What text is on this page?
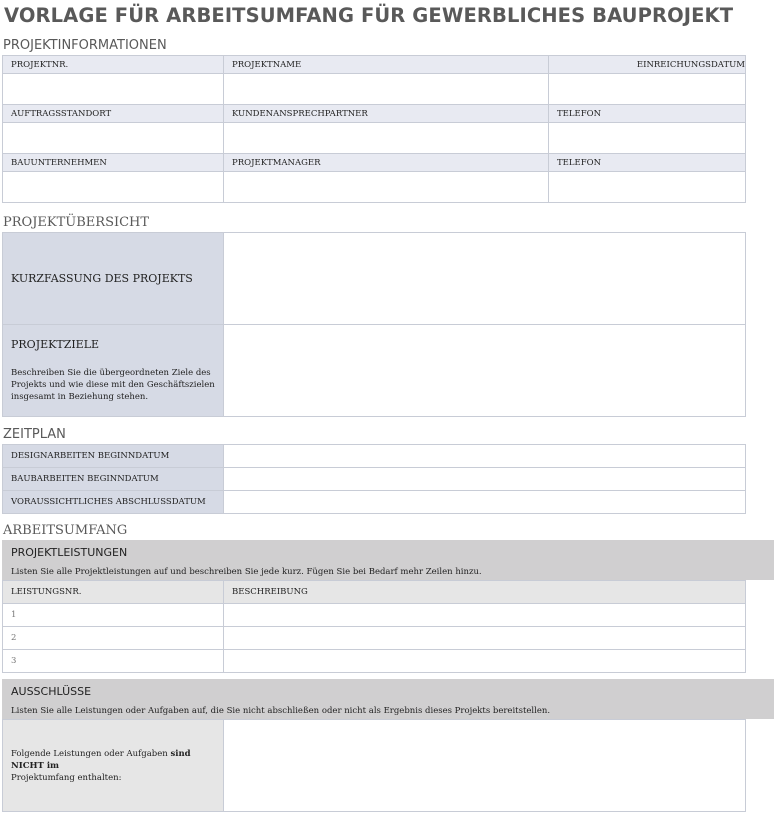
VORLAGE FÜR ARBEITSUMFANG FÜR GEWERBLICHES BAUPROJEKT
PROJEKTINFORMATIONEN
PROJEKTNR.	PROJEKTNAME	EINREICHUNGSDATUM

AUFTRAGSSTANDORT	KUNDENANSPRECHPARTNER	TELEFON

BAUUNTERNEHMEN	PROJEKTMANAGER	TELEFON

PROJEKTÜBERSICHT
KURZFASSUNG DES PROJEKTS	

PROJEKTZIELE
Beschreiben Sie die übergeordneten Ziele des Projekts und wie diese mit den Geschäftszielen insgesamt in Beziehung stehen.	

ZEITPLAN
DESIGNARBEITEN BEGINNDATUM	
BAUBARBEITEN BEGINNDATUM	
VORAUSSICHTLICHES ABSCHLUSSDATUM	
ARBEITSUMFANG
PROJEKTLEISTUNGEN
Listen Sie alle Projektleistungen auf und beschreiben Sie jede kurz. Fügen Sie bei Bedarf mehr Zeilen hinzu.
LEISTUNGSNR.	BESCHREIBUNG
1	
2	
3	
AUSSCHLÜSSE
Listen Sie alle Leistungen oder Aufgaben auf, die Sie nicht abschließen oder nicht als Ergebnis dieses Projekts bereitstellen.
Folgende Leistungen oder Aufgaben sind NICHT im
Projektumfang enthalten:	
